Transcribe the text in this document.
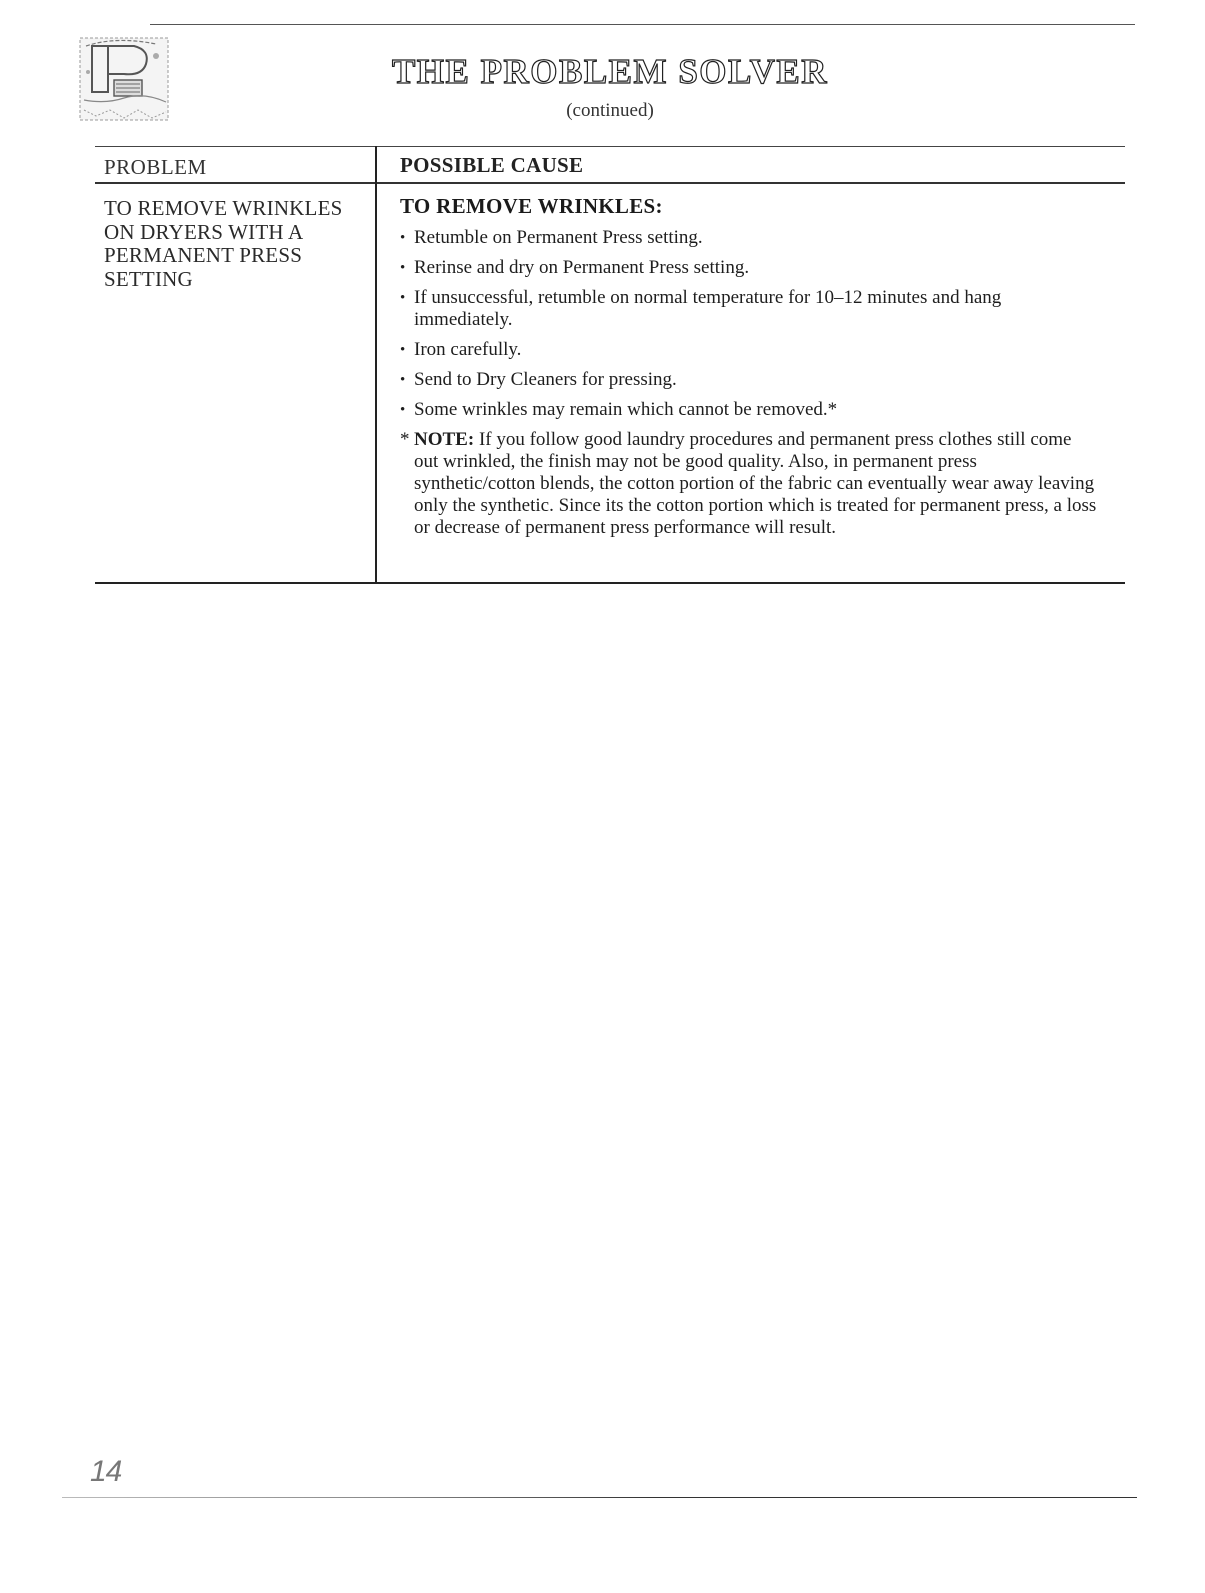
THE PROBLEM SOLVER
(continued)
PROBLEM	POSSIBLE CAUSE
TO REMOVE WRINKLES ON DRYERS WITH A PERMANENT PRESS SETTING
TO REMOVE WRINKLES:
• Retumble on Permanent Press setting.
• Rerinse and dry on Permanent Press setting.
• If unsuccessful, retumble on normal temperature for 10–12 minutes and hang immediately.
• Iron carefully.
• Send to Dry Cleaners for pressing.
• Some wrinkles may remain which cannot be removed.*
* NOTE: If you follow good laundry procedures and permanent press clothes still come out wrinkled, the finish may not be good quality. Also, in permanent press synthetic/cotton blends, the cotton portion of the fabric can eventually wear away leaving only the synthetic. Since its the cotton portion which is treated for permanent press, a loss or decrease of permanent press performance will result.
14
